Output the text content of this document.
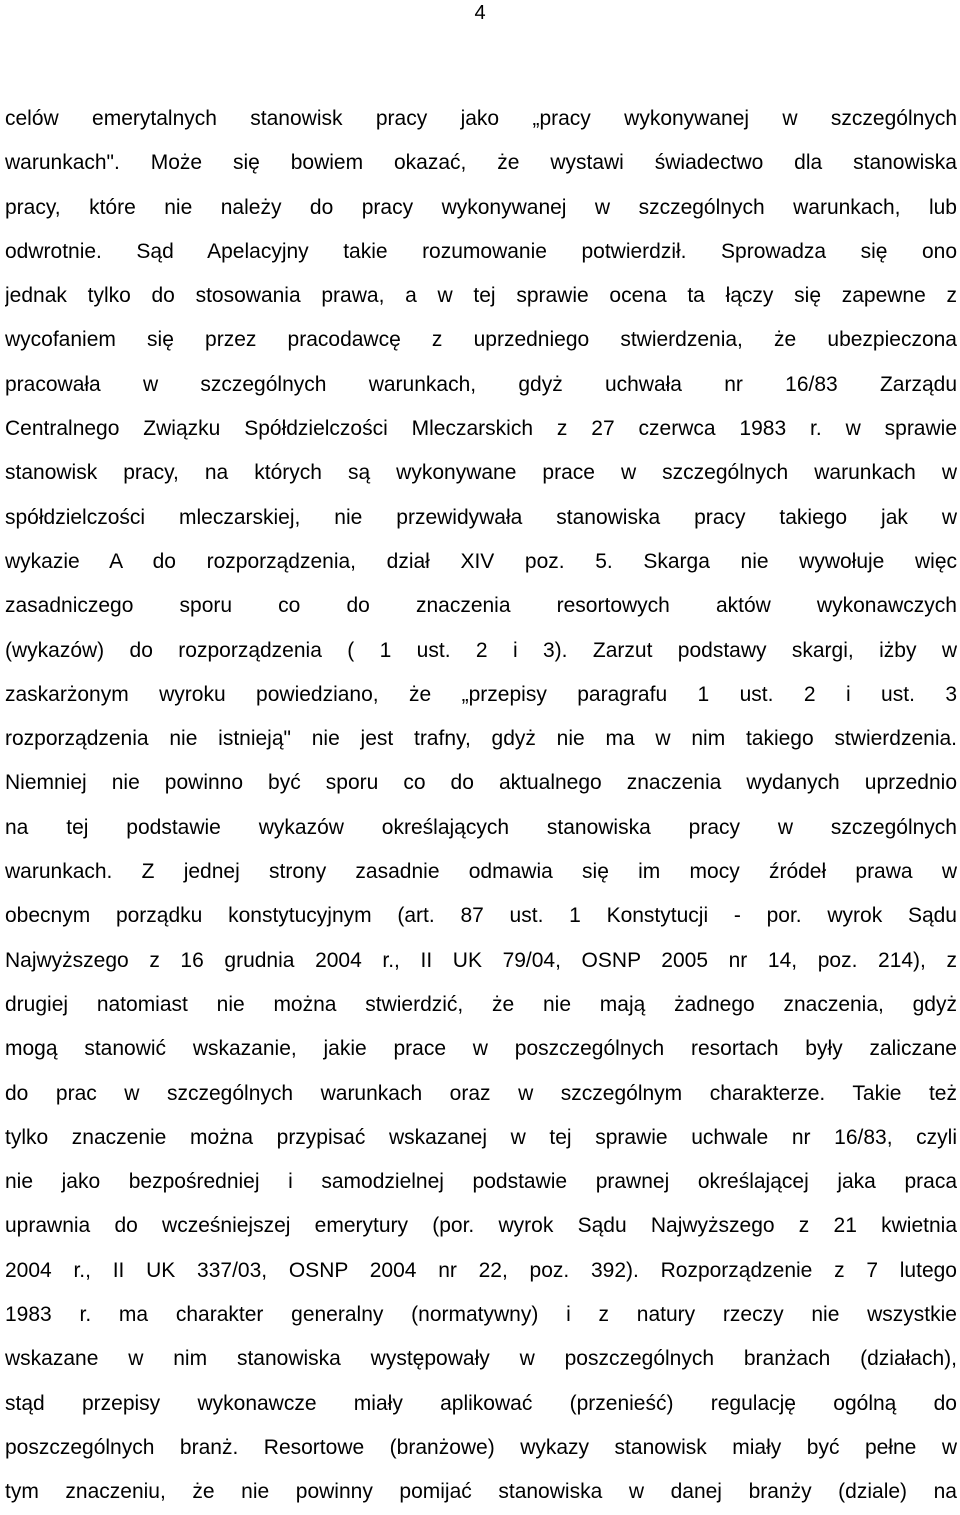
4
celów emerytalnych stanowisk pracy jako „pracy wykonywanej w szczególnych
warunkach". Może się bowiem okazać, że wystawi świadectwo dla stanowiska
pracy, które nie należy do pracy wykonywanej w szczególnych warunkach, lub
odwrotnie. Sąd Apelacyjny takie rozumowanie potwierdził. Sprowadza się ono
jednak tylko do stosowania prawa, a w tej sprawie ocena ta łączy się zapewne z
wycofaniem się przez pracodawcę z uprzedniego stwierdzenia, że ubezpieczona
pracowała w szczególnych warunkach, gdyż uchwała nr 16/83 Zarządu
Centralnego Związku Spółdzielczości Mleczarskich z 27 czerwca 1983 r. w sprawie
stanowisk pracy, na których są wykonywane prace w szczególnych warunkach w
spółdzielczości mleczarskiej, nie przewidywała stanowiska pracy takiego jak w
wykazie A do rozporządzenia, dział XIV poz. 5. Skarga nie wywołuje więc
zasadniczego sporu co do znaczenia resortowych aktów wykonawczych
(wykazów) do rozporządzenia ( 1 ust. 2 i 3). Zarzut podstawy skargi, iżby w
zaskarżonym wyroku powiedziano, że „przepisy paragrafu 1 ust. 2 i ust. 3
rozporządzenia nie istnieją" nie jest trafny, gdyż nie ma w nim takiego stwierdzenia.
Niemniej nie powinno być sporu co do aktualnego znaczenia wydanych uprzednio
na tej podstawie wykazów określających stanowiska pracy w szczególnych
warunkach. Z jednej strony zasadnie odmawia się im mocy źródeł prawa w
obecnym porządku konstytucyjnym (art. 87 ust. 1 Konstytucji - por. wyrok Sądu
Najwyższego z 16 grudnia 2004 r., II UK 79/04, OSNP 2005 nr 14, poz. 214), z
drugiej natomiast nie można stwierdzić, że nie mają żadnego znaczenia, gdyż
mogą stanowić wskazanie, jakie prace w poszczególnych resortach były zaliczane
do prac w szczególnych warunkach oraz w szczególnym charakterze. Takie też
tylko znaczenie można przypisać wskazanej w tej sprawie uchwale nr 16/83, czyli
nie jako bezpośredniej i samodzielnej podstawie prawnej określającej jaka praca
uprawnia do wcześniejszej emerytury (por. wyrok Sądu Najwyższego z 21 kwietnia
2004 r., II UK 337/03, OSNP 2004 nr 22, poz. 392). Rozporządzenie z 7 lutego
1983 r. ma charakter generalny (normatywny) i z natury rzeczy nie wszystkie
wskazane w nim stanowiska występowały w poszczególnych branżach (działach),
stąd przepisy wykonawcze miały aplikować (przenieść) regulację ogólną do
poszczególnych branż. Resortowe (branżowe) wykazy stanowisk miały być pełne w
tym znaczeniu, że nie powinny pomijać stanowiska w danej branży (dziale) na
